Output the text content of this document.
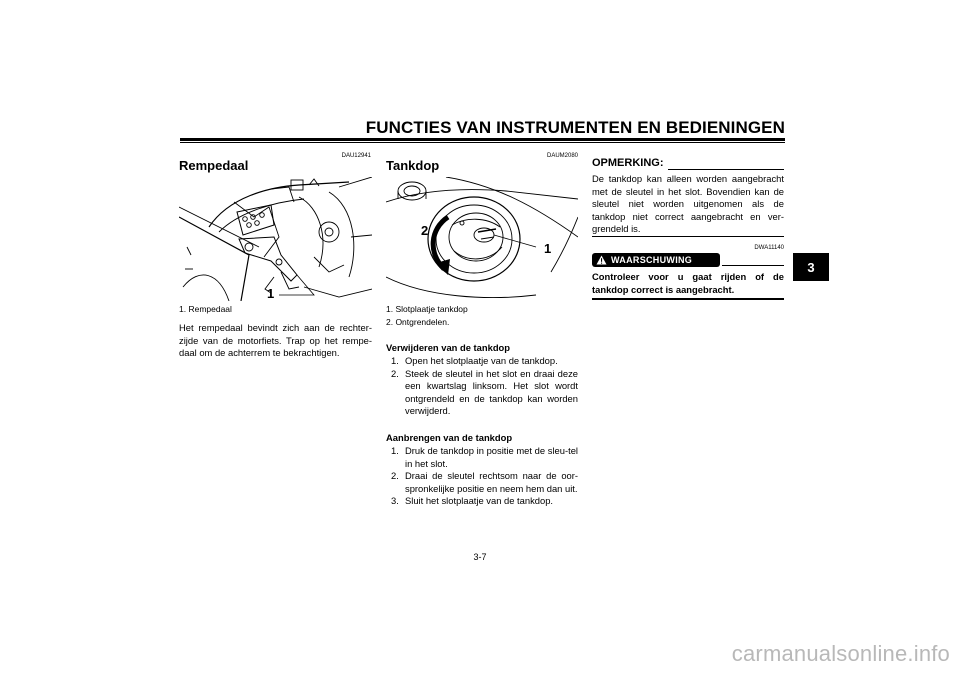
FUNCTIES VAN INSTRUMENTEN EN BEDIENINGEN
3
DAU12941
Rempedaal
1
1. Rempedaal
Het rempedaal bevindt zich aan de rechter-zijde van de motorfiets. Trap op het rempe-daal om de achterrem te bekrachtigen.
DAUM2080
Tankdop
2
1
1. Slotplaatje tankdop
2. Ontgrendelen.
Verwijderen van de tankdop
1. Open het slotplaatje van de tankdop.
2. Steek de sleutel in het slot en draai deze een kwartslag linksom. Het slot wordt ontgrendeld en de tankdop kan worden verwijderd.
Aanbrengen van de tankdop
1. Druk de tankdop in positie met de sleu-tel in het slot.
2. Draai de sleutel rechtsom naar de oor-spronkelijke positie en neem hem dan uit.
3. Sluit het slotplaatje van de tankdop.
OPMERKING:
De tankdop kan alleen worden aangebracht met de sleutel in het slot. Bovendien kan de sleutel niet worden uitgenomen als de tankdop niet correct aangebracht en ver-grendeld is.
DWA11140
WAARSCHUWING
Controleer voor u gaat rijden of de tankdop correct is aangebracht.
3-7
carmanualsonline.info
